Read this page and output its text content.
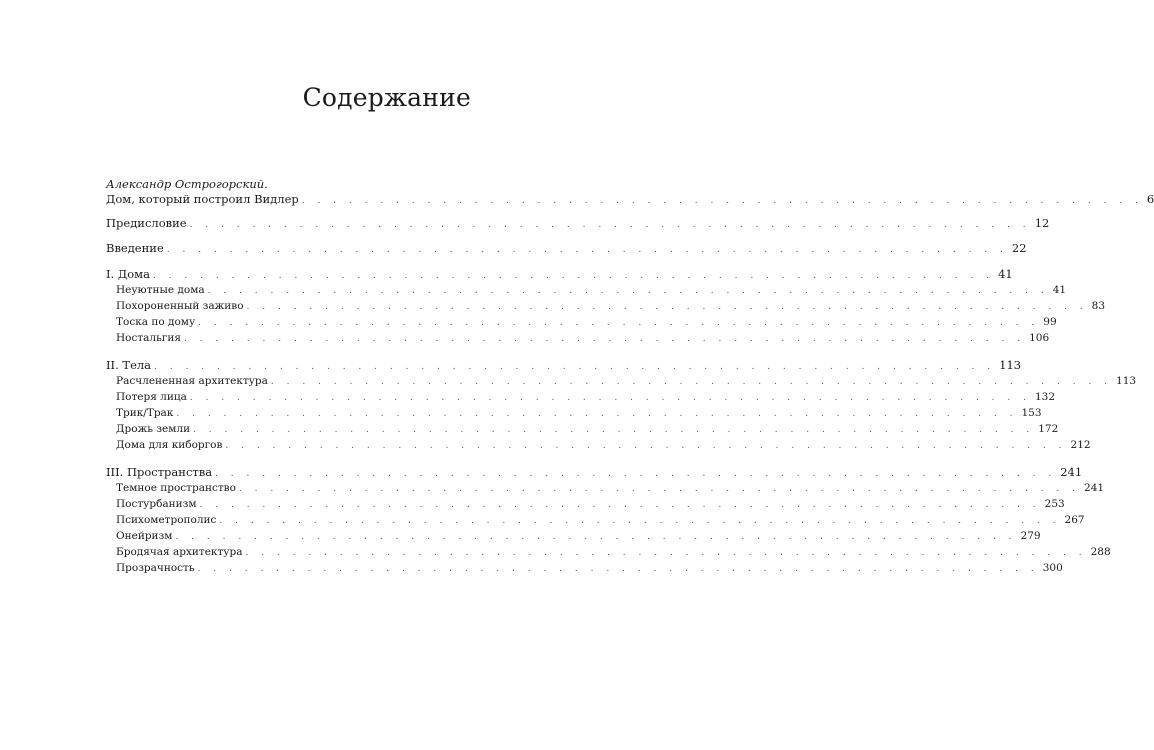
Содержание
Александр Острогорский.
Дом, который построил Видлер . . . . . . . . . . . . . . . . . . . . . . . . . . . . . . . . . . . . . . . . . . . . . . . . . . . . . . 6
Предисловие . . . . . . . . . . . . . . . . . . . . . . . . . . . . . . . . . . . . . . . . . . . . . . . . . . . . . . 12
Введение . . . . . . . . . . . . . . . . . . . . . . . . . . . . . . . . . . . . . . . . . . . . . . . . . . . . . . 22
I. Дома . . . . . . . . . . . . . . . . . . . . . . . . . . . . . . . . . . . . . . . . . . . . . . . . . . . . . . 41
Неуютные дома . . . . . . . . . . . . . . . . . . . . . . . . . . . . . . . . . . . . . . . . . . . . . . . . . . . . . . 41
Похороненный заживо . . . . . . . . . . . . . . . . . . . . . . . . . . . . . . . . . . . . . . . . . . . . . . . . . . . . . . 83
Тоска по дому . . . . . . . . . . . . . . . . . . . . . . . . . . . . . . . . . . . . . . . . . . . . . . . . . . . . . . 99
Ностальгия . . . . . . . . . . . . . . . . . . . . . . . . . . . . . . . . . . . . . . . . . . . . . . . . . . . . . . 106
II. Тела . . . . . . . . . . . . . . . . . . . . . . . . . . . . . . . . . . . . . . . . . . . . . . . . . . . . . . 113
Расчлененная архитектура . . . . . . . . . . . . . . . . . . . . . . . . . . . . . . . . . . . . . . . . . . . . . . . . . . . . . . 113
Потеря лица . . . . . . . . . . . . . . . . . . . . . . . . . . . . . . . . . . . . . . . . . . . . . . . . . . . . . . 132
Трик/Трак . . . . . . . . . . . . . . . . . . . . . . . . . . . . . . . . . . . . . . . . . . . . . . . . . . . . . . 153
Дрожь земли . . . . . . . . . . . . . . . . . . . . . . . . . . . . . . . . . . . . . . . . . . . . . . . . . . . . . . 172
Дома для киборгов . . . . . . . . . . . . . . . . . . . . . . . . . . . . . . . . . . . . . . . . . . . . . . . . . . . . . . 212
III. Пространства . . . . . . . . . . . . . . . . . . . . . . . . . . . . . . . . . . . . . . . . . . . . . . . . . . . . . . 241
Темное пространство . . . . . . . . . . . . . . . . . . . . . . . . . . . . . . . . . . . . . . . . . . . . . . . . . . . . . . 241
Постурбанизм . . . . . . . . . . . . . . . . . . . . . . . . . . . . . . . . . . . . . . . . . . . . . . . . . . . . . . 253
Психометрополис . . . . . . . . . . . . . . . . . . . . . . . . . . . . . . . . . . . . . . . . . . . . . . . . . . . . . . 267
Онейризм . . . . . . . . . . . . . . . . . . . . . . . . . . . . . . . . . . . . . . . . . . . . . . . . . . . . . . 279
Бродячая архитектура . . . . . . . . . . . . . . . . . . . . . . . . . . . . . . . . . . . . . . . . . . . . . . . . . . . . . . 288
Прозрачность . . . . . . . . . . . . . . . . . . . . . . . . . . . . . . . . . . . . . . . . . . . . . . . . . . . . . . 300
